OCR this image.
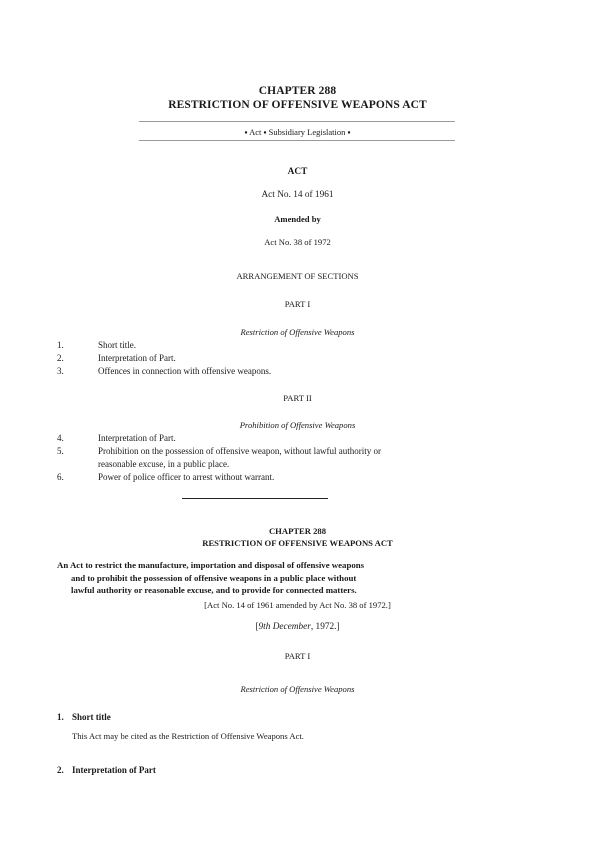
CHAPTER 288
RESTRICTION OF OFFENSIVE WEAPONS ACT
▪ Act ▪ Subsidiary Legislation ▪
ACT
Act No. 14 of 1961
Amended by
Act No. 38 of 1972
ARRANGEMENT OF SECTIONS
PART I
Restriction of Offensive Weapons
1.	Short title.
2.	Interpretation of Part.
3.	Offences in connection with offensive weapons.
PART II
Prohibition of Offensive Weapons
4.	Interpretation of Part.
5.	Prohibition on the possession of offensive weapon, without lawful authority or
reasonable excuse, in a public place.
6.	Power of police officer to arrest without warrant.
CHAPTER 288
RESTRICTION OF OFFENSIVE WEAPONS ACT
An Act to restrict the manufacture, importation and disposal of offensive weapons
and to prohibit the possession of offensive weapons in a public place without
lawful authority or reasonable excuse, and to provide for connected matters.
[Act No. 14 of 1961 amended by Act No. 38 of 1972.]
[9th December, 1972.]
PART I
Restriction of Offensive Weapons
1. Short title
This Act may be cited as the Restriction of Offensive Weapons Act.
2. Interpretation of Part
